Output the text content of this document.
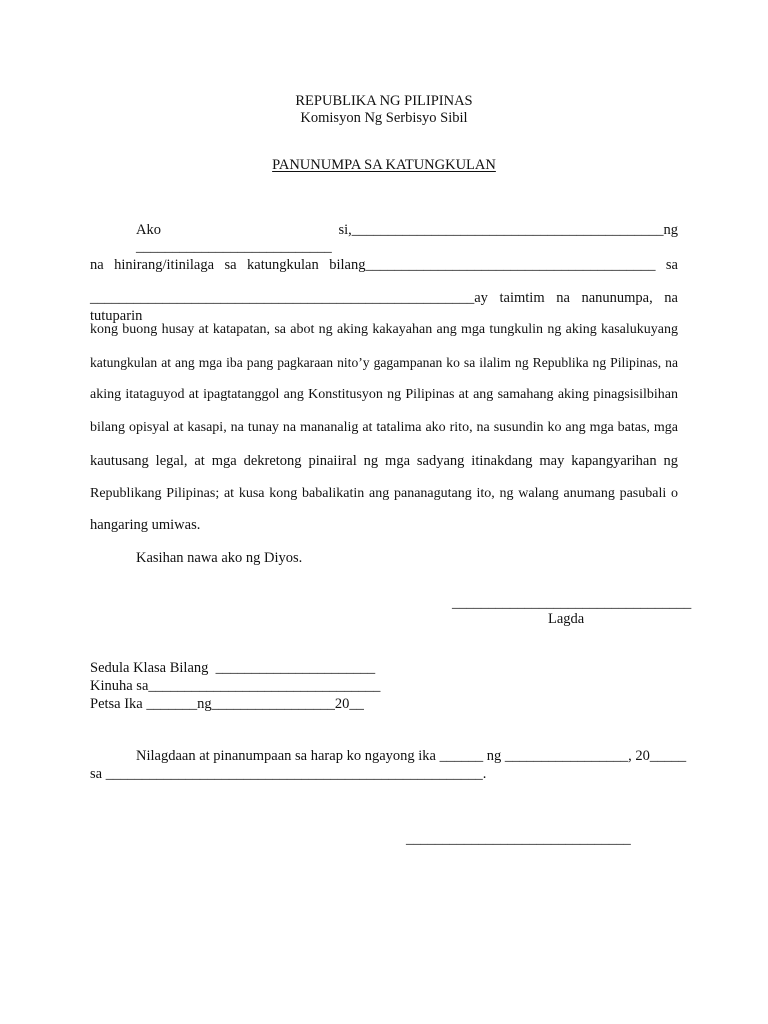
REPUBLIKA NG PILIPINAS
Komisyon Ng Serbisyo Sibil
PANUNUMPA SA KATUNGKULAN
Ako si,___________________________________________ng ___________________________
na hinirang/itinilaga sa katungkulan bilang________________________________________ sa
_____________________________________________________ay taimtim na nanunumpa, na tutuparin
kong buong husay at katapatan, sa abot ng aking kakayahan ang mga tungkulin ng aking kasalukuyang
katungkulan at ang mga iba pang pagkaraan nito’y gagampanan ko sa ilalim ng Republika ng Pilipinas, na
aking itataguyod at ipagtatanggol ang Konstitusyon ng Pilipinas at ang samahang aking pinagsisilbihan
bilang opisyal at kasapi, na tunay na mananalig at tatalima ako rito, na susundin ko ang mga batas, mga
kautusang legal, at mga dekretong pinaiiral ng mga sadyang itinakdang may kapangyarihan ng
Republikang Pilipinas; at kusa kong babalikatin ang pananagutang ito, ng walang anumang pasubali o
hangaring umiwas.
Kasihan nawa ako ng Diyos.
_________________________________
Lagda
Sedula Klasa Bilang  ______________________
Kinuha sa________________________________
Petsa Ika _______ng_________________20__
Nilagdaan at pinanumpaan sa harap ko ngayong ika ______ ng _________________, 20_____
sa ____________________________________________________.
_______________________________
